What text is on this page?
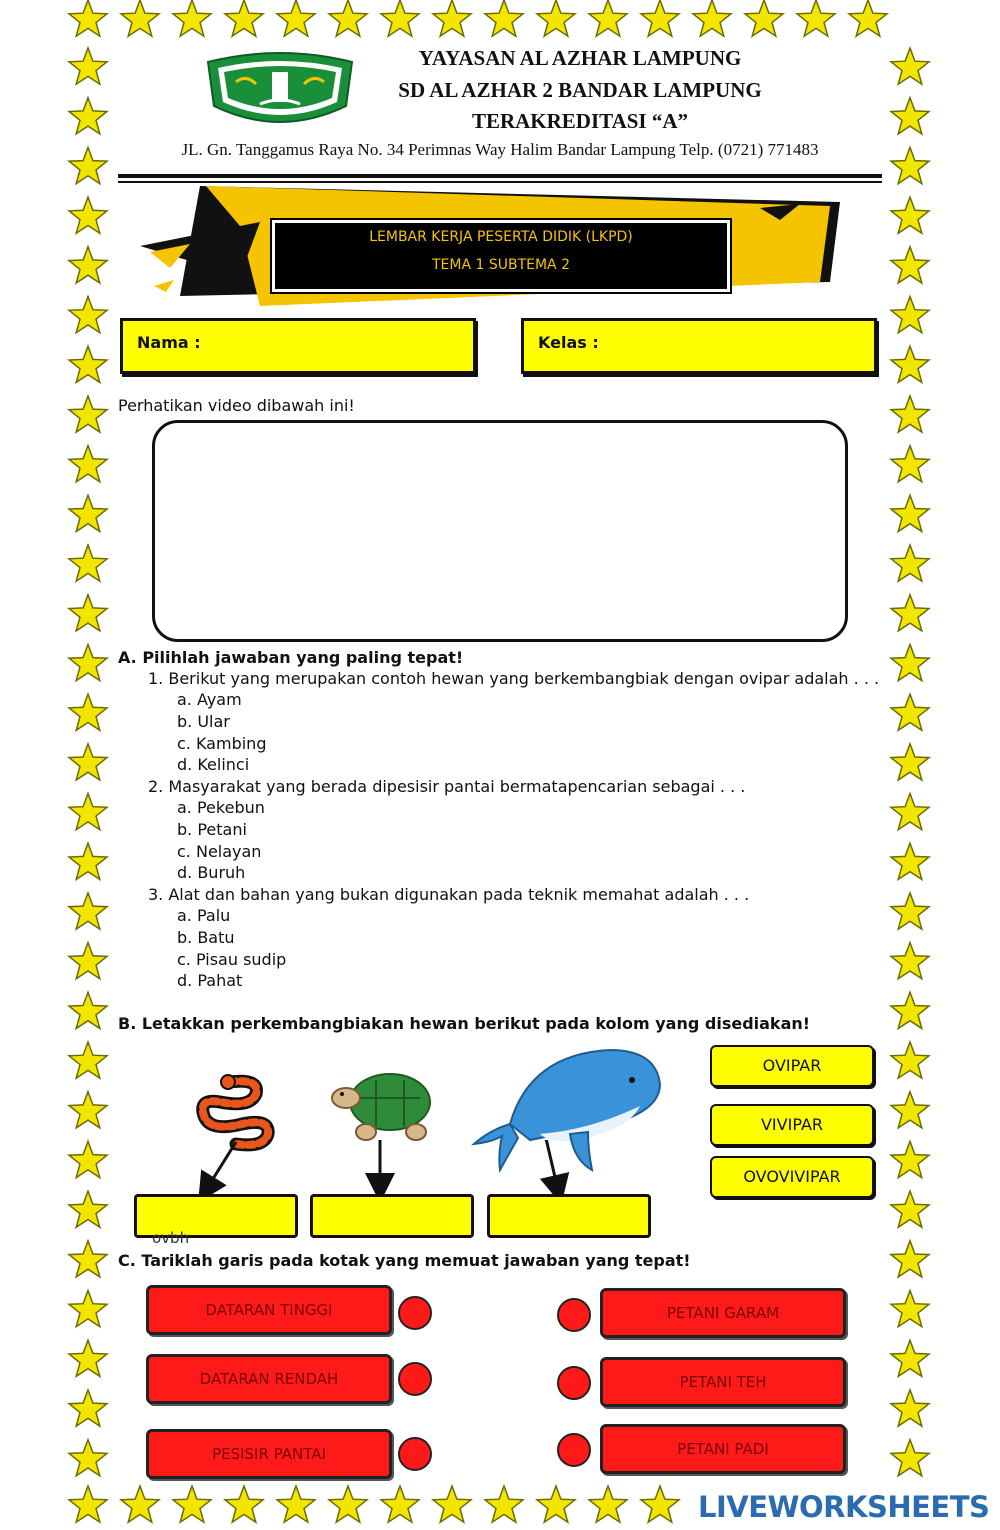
YAYASAN AL AZHAR LAMPUNG
SD AL AZHAR 2 BANDAR LAMPUNG
TERAKREDITASI “A”
JL. Gn. Tanggamus Raya No. 34 Perimnas Way Halim Bandar Lampung Telp. (0721) 771483
LEMBAR KERJA PESERTA DIDIK (LKPD)
TEMA 1 SUBTEMA 2
Nama :	Kelas :
Perhatikan video dibawah ini!
A. Pilihlah jawaban yang paling tepat!
1. Berikut yang merupakan contoh hewan yang berkembangbiak dengan ovipar adalah . . .
a. Ayam
b. Ular
c. Kambing
d. Kelinci
2. Masyarakat yang berada dipesisir pantai bermatapencarian sebagai . . .
a. Pekebun
b. Petani
c. Nelayan
d. Buruh
3. Alat dan bahan yang bukan digunakan pada teknik memahat adalah . . .
a. Palu
b. Batu
c. Pisau sudip
d. Pahat
B. Letakkan perkembangbiakan hewan berikut pada kolom yang disediakan!
OVIPAR
VIVIPAR
OVOVIVIPAR
ovbh
C. Tariklah garis pada kotak yang memuat jawaban yang tepat!
DATARAN TINGGI
DATARAN RENDAH
PESISIR PANTAI
PETANI GARAM
PETANI TEH
PETANI PADI
LIVEWORKSHEETS
